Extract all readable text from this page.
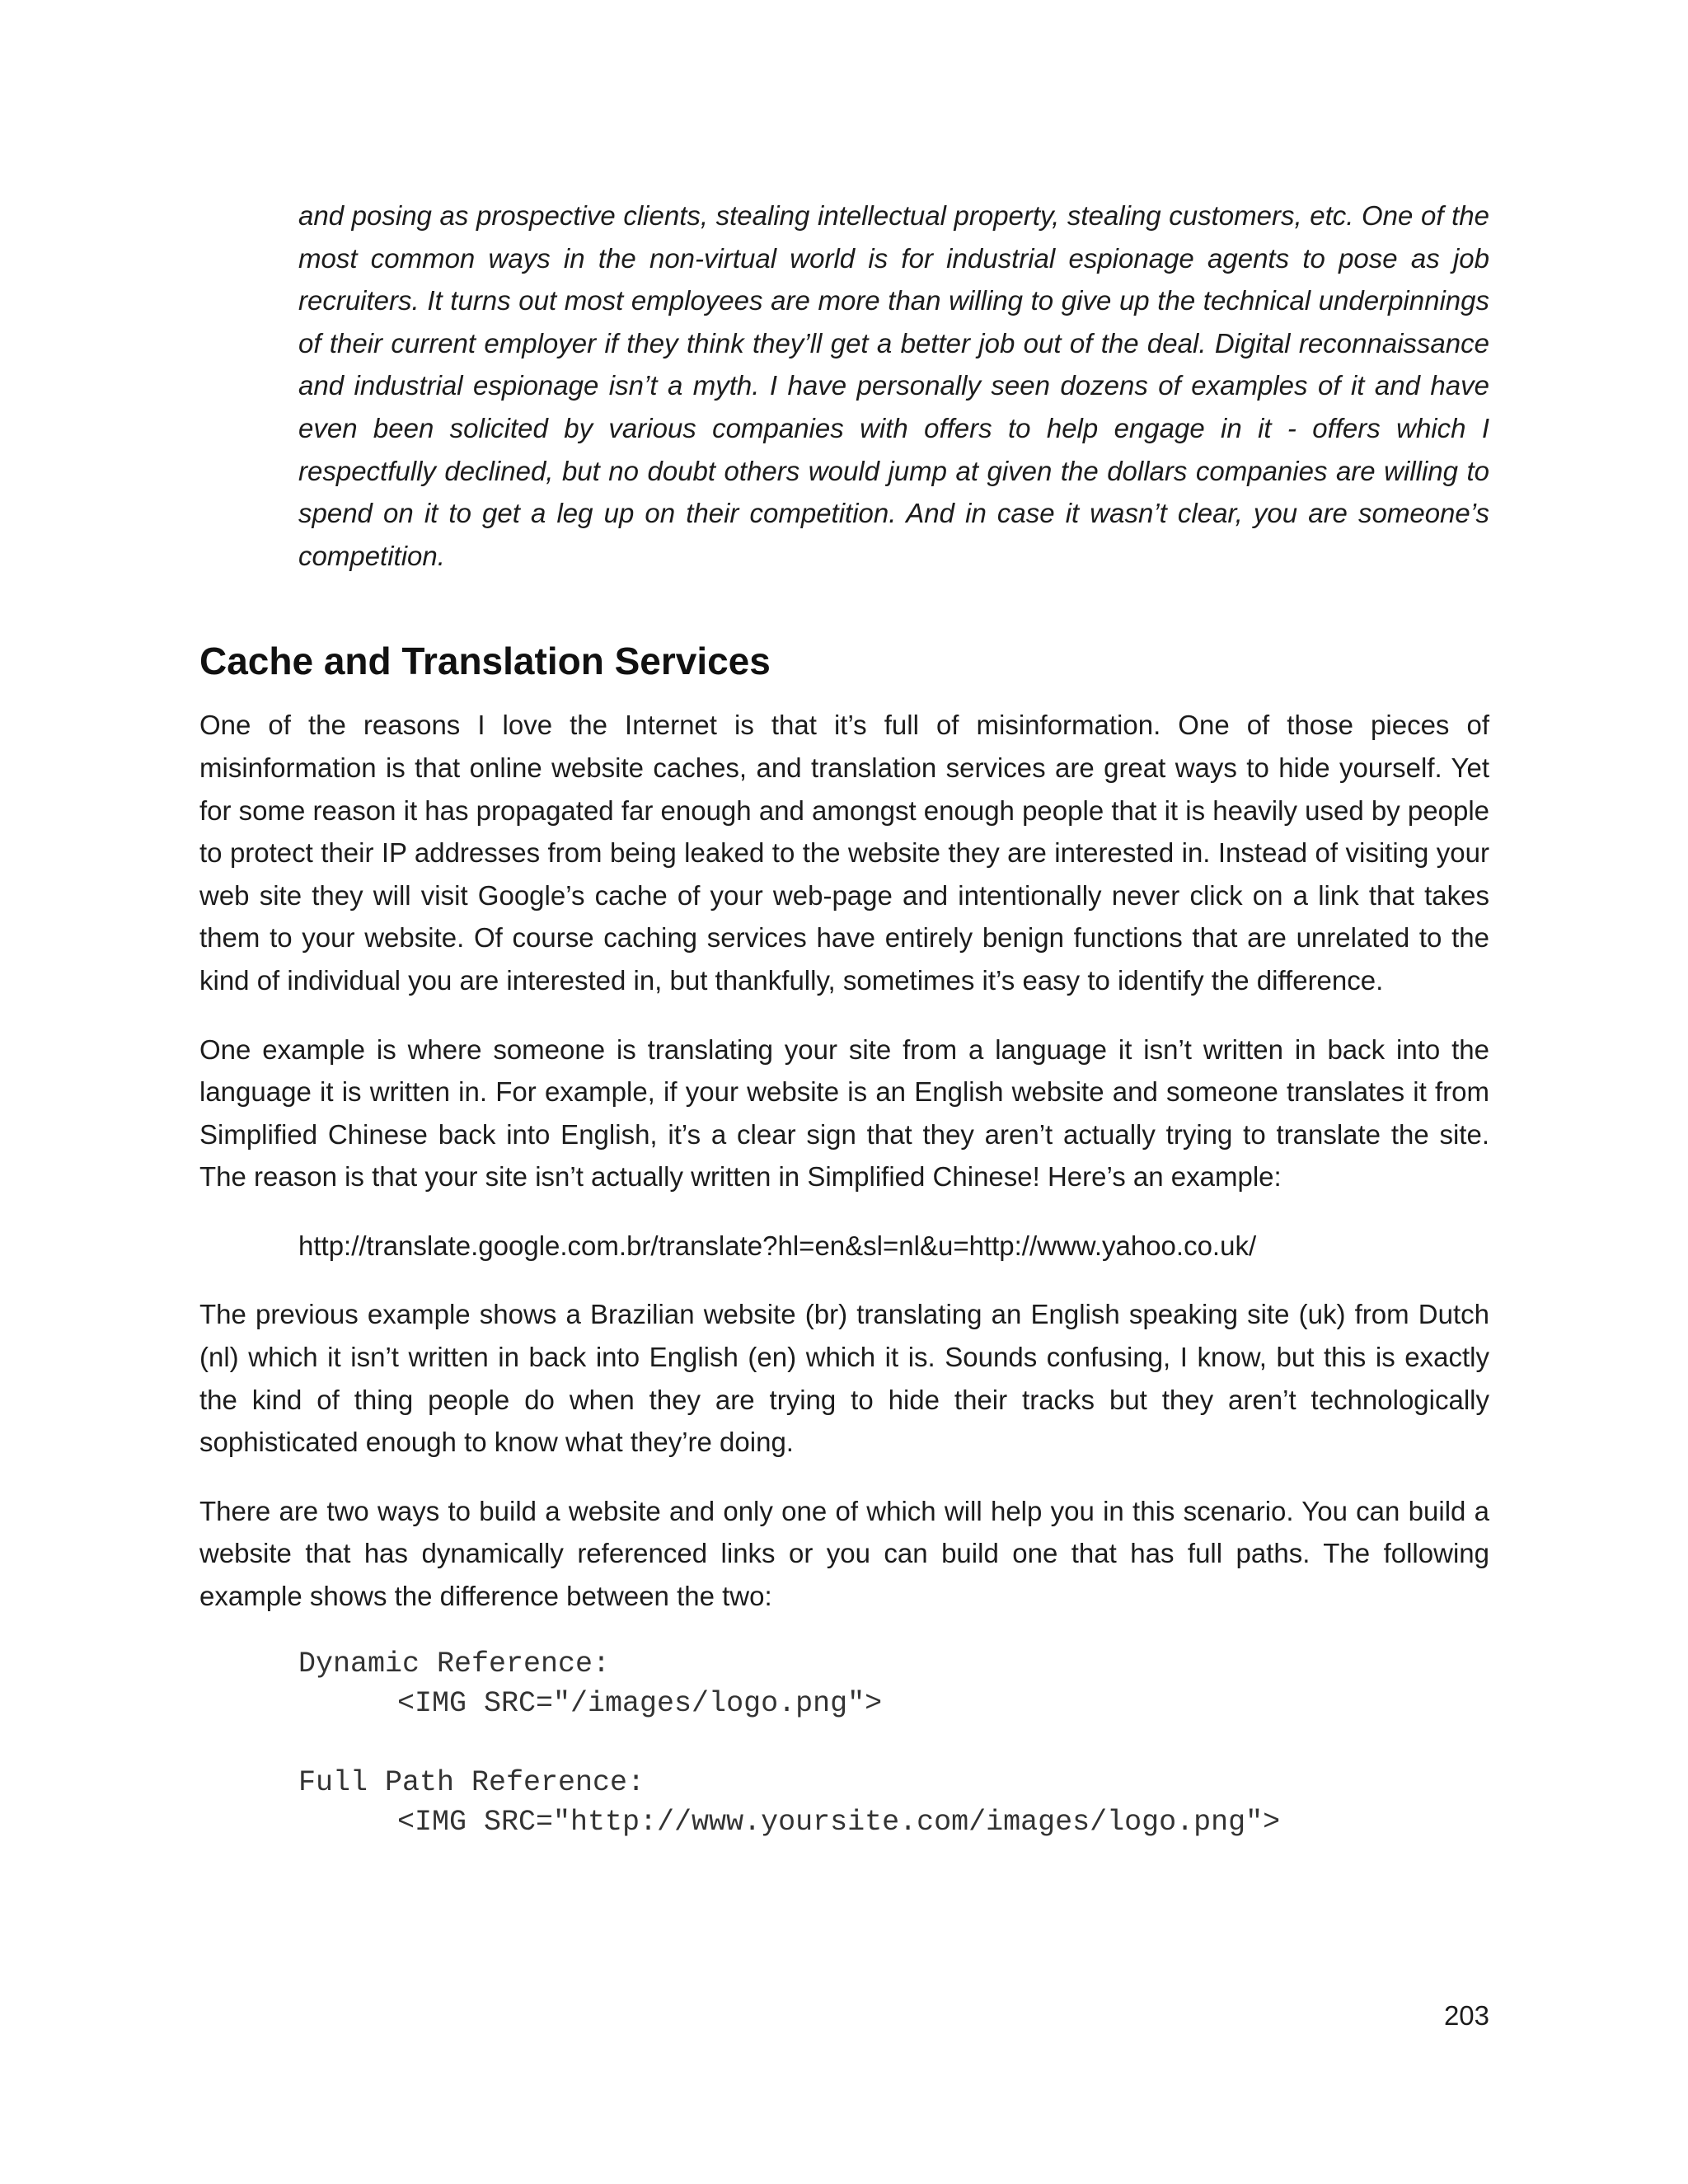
and posing as prospective clients, stealing intellectual property, stealing customers, etc. One of the most common ways in the non-virtual world is for industrial espionage agents to pose as job recruiters. It turns out most employees are more than willing to give up the technical underpinnings of their current employer if they think they’ll get a better job out of the deal. Digital reconnaissance and industrial espionage isn’t a myth. I have personally seen dozens of examples of it and have even been solicited by various companies with offers to help engage in it - offers which I respectfully declined, but no doubt others would jump at given the dollars companies are willing to spend on it to get a leg up on their competition. And in case it wasn’t clear, you are someone’s competition.

Cache and Translation Services

One of the reasons I love the Internet is that it’s full of misinformation. One of those pieces of misinformation is that online website caches, and translation services are great ways to hide yourself. Yet for some reason it has propagated far enough and amongst enough people that it is heavily used by people to protect their IP addresses from being leaked to the website they are interested in. Instead of visiting your web site they will visit Google’s cache of your web-page and intentionally never click on a link that takes them to your website. Of course caching services have entirely benign functions that are unrelated to the kind of individual you are interested in, but thankfully, sometimes it’s easy to identify the difference.

One example is where someone is translating your site from a language it isn’t written in back into the language it is written in. For example, if your website is an English website and someone translates it from Simplified Chinese back into English, it’s a clear sign that they aren’t actually trying to translate the site. The reason is that your site isn’t actually written in Simplified Chinese! Here’s an example:

http://translate.google.com.br/translate?hl=en&sl=nl&u=http://www.yahoo.co.uk/

The previous example shows a Brazilian website (br) translating an English speaking site (uk) from Dutch (nl) which it isn’t written in back into English (en) which it is. Sounds confusing, I know, but this is exactly the kind of thing people do when they are trying to hide their tracks but they aren’t technologically sophisticated enough to know what they’re doing.

There are two ways to build a website and only one of which will help you in this scenario. You can build a website that has dynamically referenced links or you can build one that has full paths. The following example shows the difference between the two:

Dynamic Reference:
<IMG SRC="/images/logo.png">
Full Path Reference:
<IMG SRC="http://www.yoursite.com/images/logo.png">
203
